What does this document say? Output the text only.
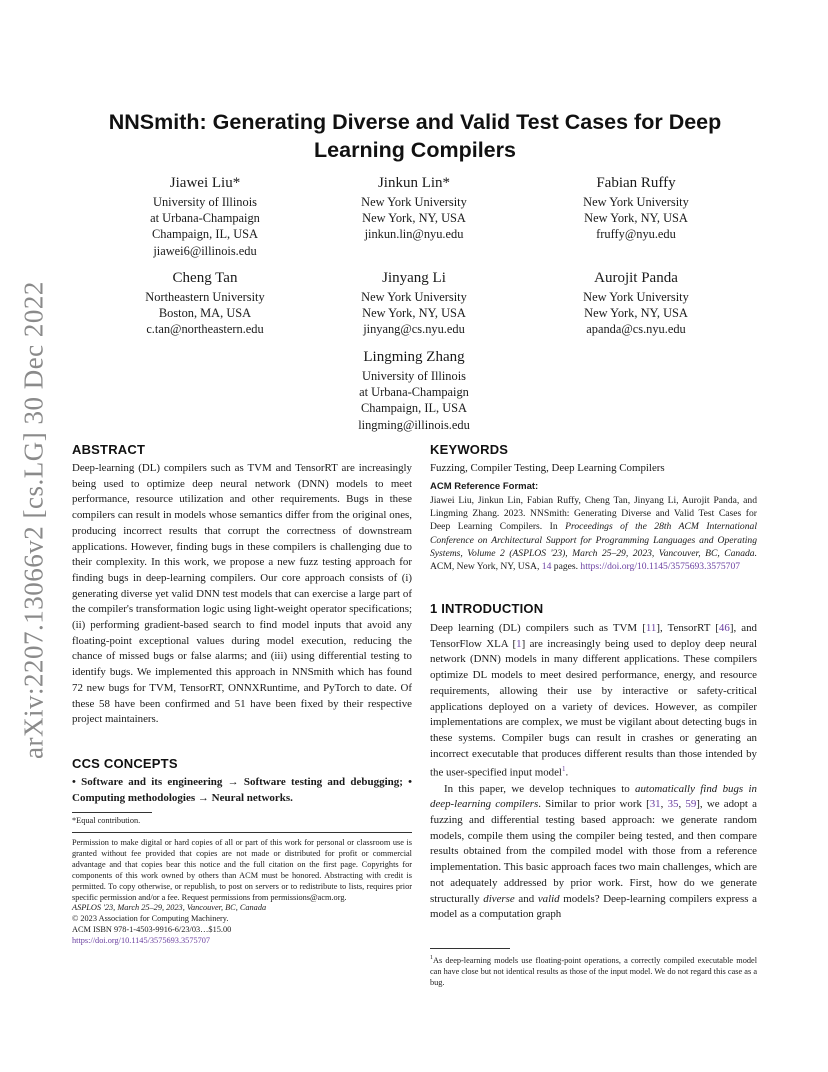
arXiv:2207.13066v2 [cs.LG] 30 Dec 2022
NNSmith: Generating Diverse and Valid Test Cases for Deep
Learning Compilers
Jiawei Liu*
University of Illinois
at Urbana-Champaign
Champaign, IL, USA
jiawei6@illinois.edu
Jinkun Lin*
New York University
New York, NY, USA
jinkun.lin@nyu.edu
Fabian Ruffy
New York University
New York, NY, USA
fruffy@nyu.edu
Cheng Tan
Northeastern University
Boston, MA, USA
c.tan@northeastern.edu
Jinyang Li
New York University
New York, NY, USA
jinyang@cs.nyu.edu
Aurojit Panda
New York University
New York, NY, USA
apanda@cs.nyu.edu
Lingming Zhang
University of Illinois
at Urbana-Champaign
Champaign, IL, USA
lingming@illinois.edu
ABSTRACT

Deep-learning (DL) compilers such as TVM and TensorRT are increasingly being used to optimize deep neural network (DNN) models to meet performance, resource utilization and other requirements. Bugs in these compilers can result in models whose semantics differ from the original ones, producing incorrect results that corrupt the correctness of downstream applications. However, finding bugs in these compilers is challenging due to their complexity. In this work, we propose a new fuzz testing approach for finding bugs in deep-learning compilers. Our core approach consists of (i) generating diverse yet valid DNN test models that can exercise a large part of the compiler's transformation logic using light-weight operator specifications; (ii) performing gradient-based search to find model inputs that avoid any floating-point exceptional values during model execution, reducing the chance of missed bugs or false alarms; and (iii) using differential testing to identify bugs. We implemented this approach in NNSmith which has found 72 new bugs for TVM, TensorRT, ONNXRuntime, and PyTorch to date. Of these 58 have been confirmed and 51 have been fixed by their respective project maintainers.

CCS CONCEPTS

• Software and its engineering → Software testing and debugging; • Computing methodologies → Neural networks.

*Equal contribution.

Permission to make digital or hard copies of all or part of this work for personal or classroom use is granted without fee provided that copies are not made or distributed for profit or commercial advantage and that copies bear this notice and the full citation on the first page. Copyrights for components of this work owned by others than ACM must be honored. Abstracting with credit is permitted. To copy otherwise, or republish, to post on servers or to redistribute to lists, requires prior specific permission and/or a fee. Request permissions from permissions@acm.org.

ASPLOS '23, March 25–29, 2023, Vancouver, BC, Canada

© 2023 Association for Computing Machinery.

ACM ISBN 978-1-4503-9916-6/23/03…$15.00

https://doi.org/10.1145/3575693.3575707

KEYWORDS

Fuzzing, Compiler Testing, Deep Learning Compilers

ACM Reference Format:

Jiawei Liu, Jinkun Lin, Fabian Ruffy, Cheng Tan, Jinyang Li, Aurojit Panda, and Lingming Zhang. 2023. NNSmith: Generating Diverse and Valid Test Cases for Deep Learning Compilers. In Proceedings of the 28th ACM International Conference on Architectural Support for Programming Languages and Operating Systems, Volume 2 (ASPLOS '23), March 25–29, 2023, Vancouver, BC, Canada. ACM, New York, NY, USA, 14 pages. https://doi.org/10.1145/3575693.3575707

1 INTRODUCTION

Deep learning (DL) compilers such as TVM [11], TensorRT [46], and TensorFlow XLA [1] are increasingly being used to deploy deep neural network (DNN) models in many different applications. These compilers optimize DL models to meet desired performance, energy, and resource requirements, allowing their use by interactive or safety-critical applications deployed on a variety of devices. However, as compiler implementations are complex, we must be vigilant about detecting bugs in these systems. Compiler bugs can result in crashes or generating an incorrect executable that produces different results than those intended by the user-specified input model$^1$.

In this paper, we develop techniques to automatically find bugs in deep-learning compilers. Similar to prior work [31, 35, 59], we adopt a fuzzing and differential testing based approach: we generate random models, compile them using the compiler being tested, and then compare results obtained from the compiled model with those from a reference implementation. This basic approach faces two main challenges, which are not adequately addressed by prior work. First, how do we generate structurally diverse and valid models? Deep-learning compilers express a model as a computation graph

$^1$As deep-learning models use floating-point operations, a correctly compiled executable model can have close but not identical results as those of the input model. We do not regard this case as a bug.
